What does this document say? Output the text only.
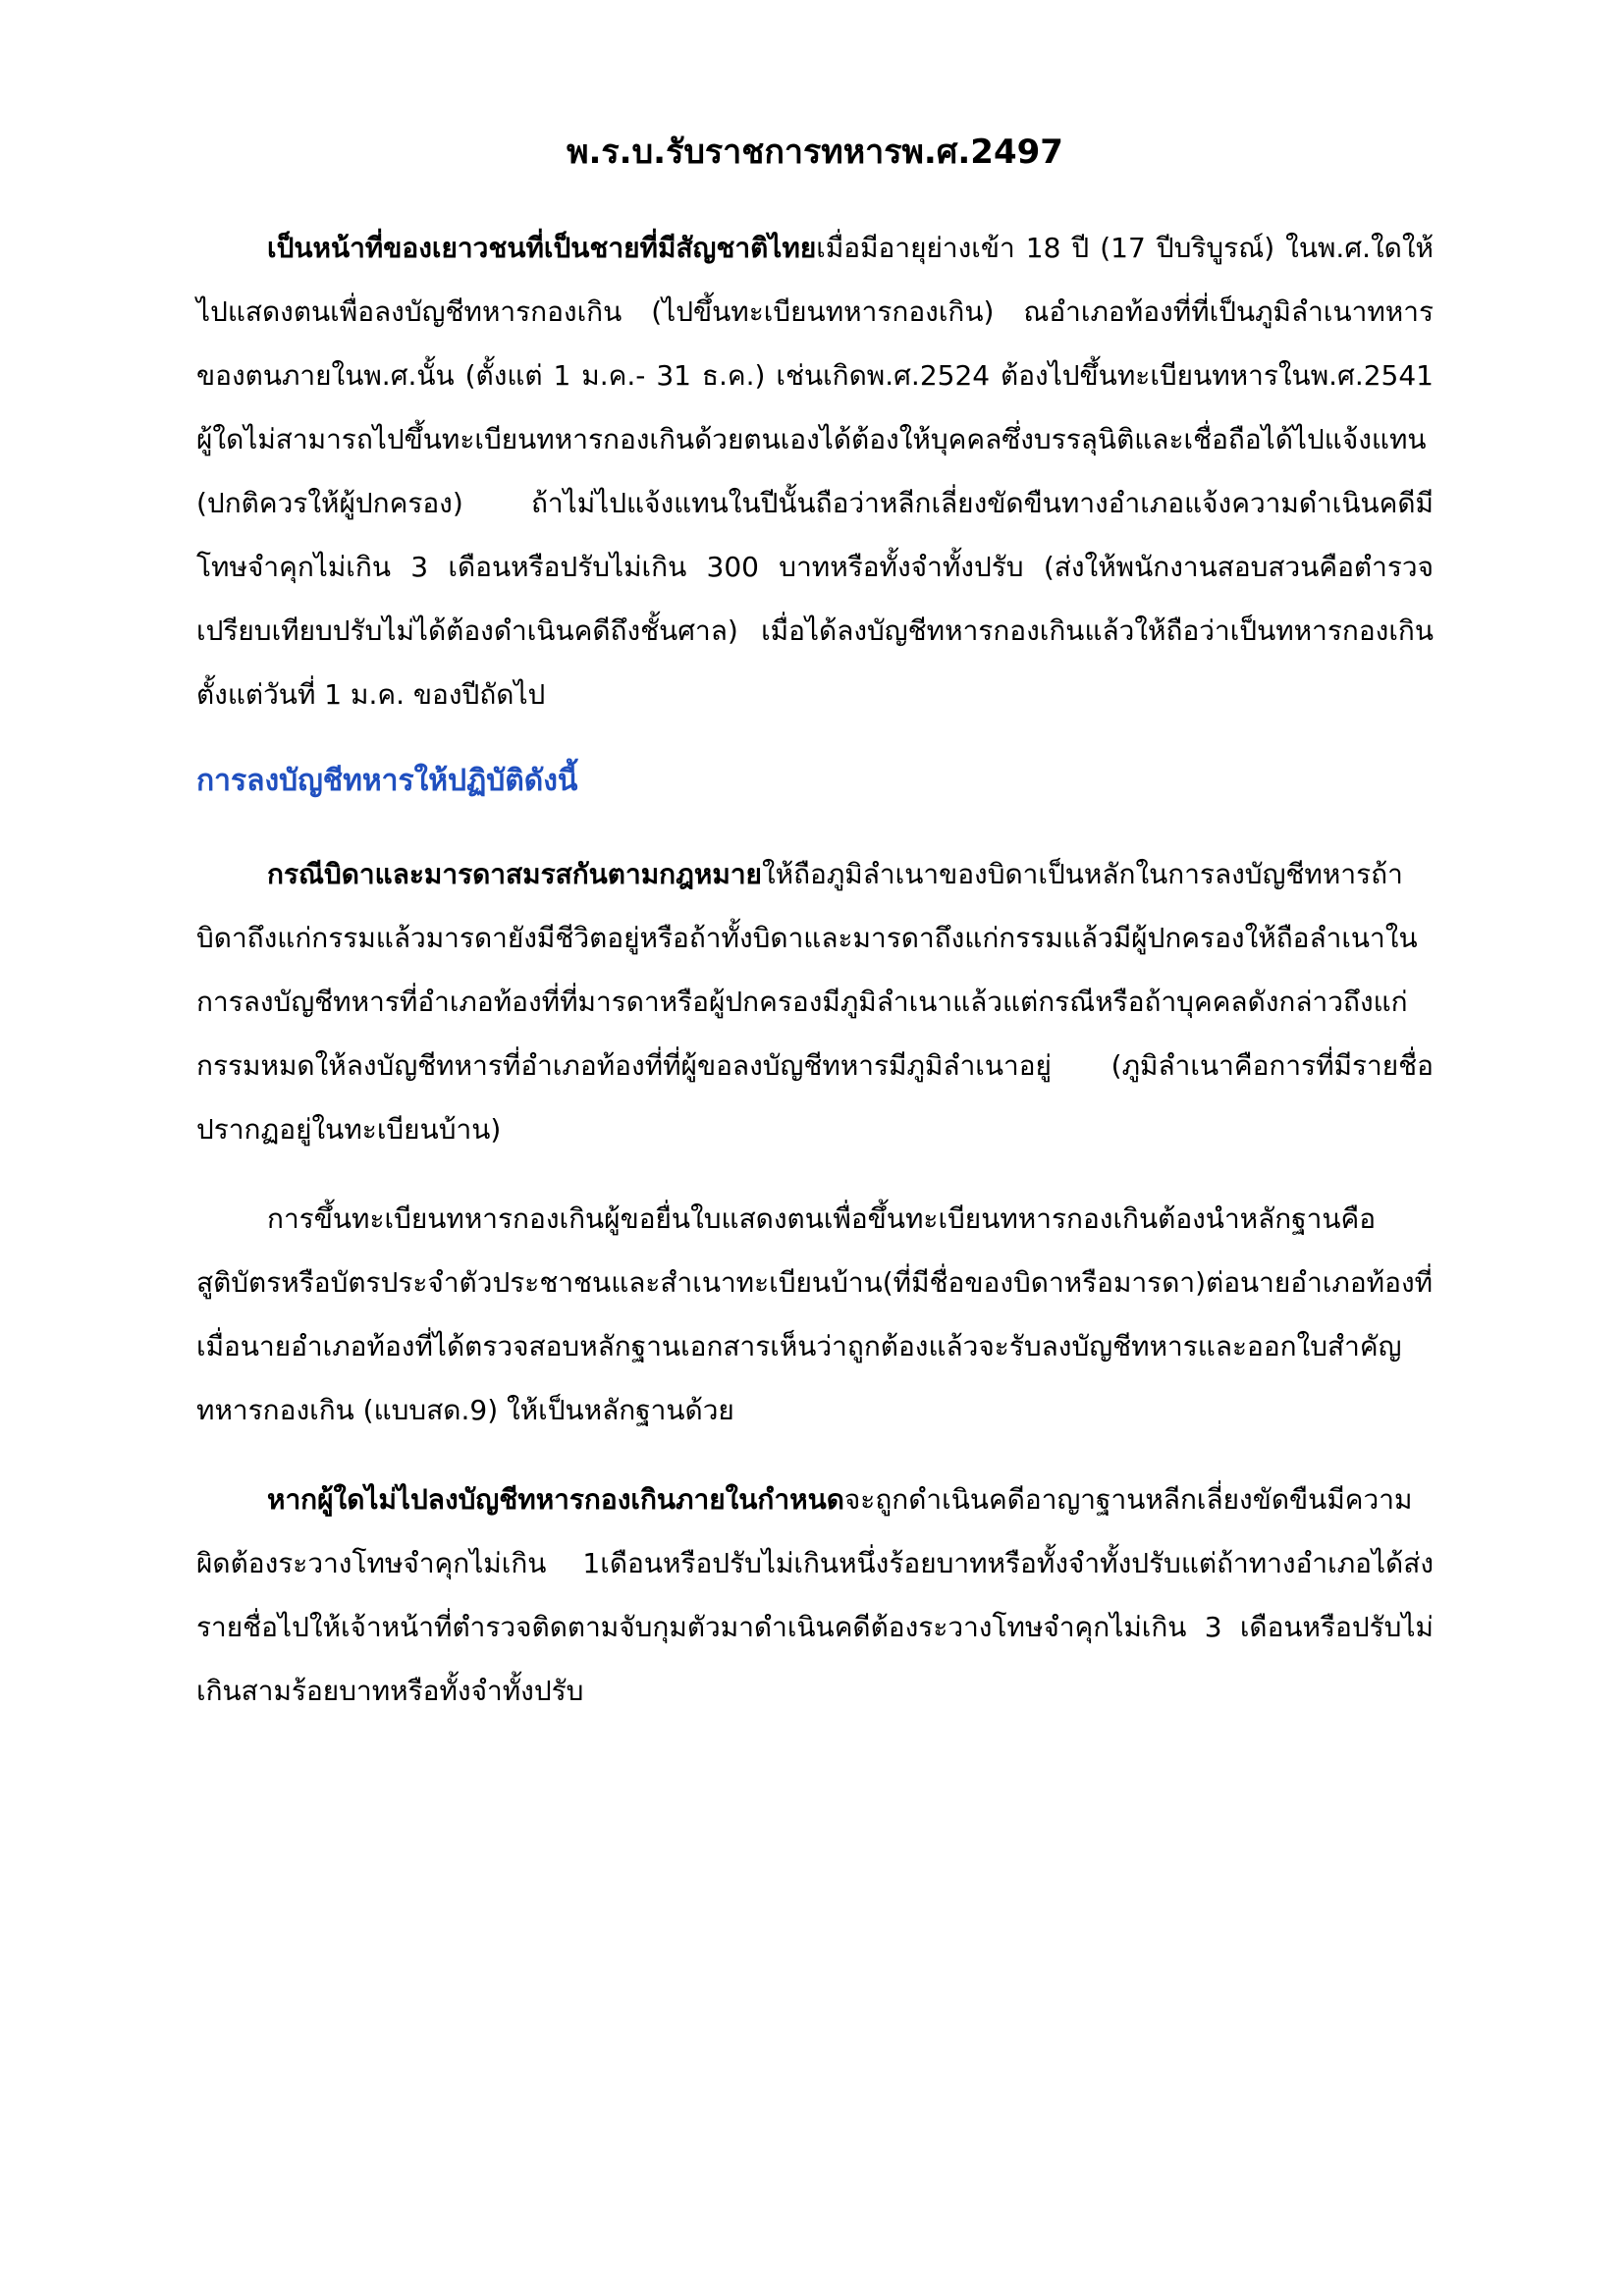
พ.ร.บ.รับราชการทหารพ.ศ.2497

เป็นหน้าที่ของเยาวชนที่เป็นชายที่มีสัญชาติไทยเมื่อมีอายุย่างเข้า 18 ปี (17 ปีบริบูรณ์) ในพ.ศ.ใดให้ไปแสดงตนเพื่อลงบัญชีทหารกองเกิน (ไปขึ้นทะเบียนทหารกองเกิน) ณอำเภอท้องที่ที่เป็นภูมิลำเนาทหารของตนภายในพ.ศ.นั้น (ตั้งแต่ 1 ม.ค.- 31 ธ.ค.) เช่นเกิดพ.ศ.2524 ต้องไปขึ้นทะเบียนทหารในพ.ศ.2541 ผู้ใดไม่สามารถไปขึ้นทะเบียนทหารกองเกินด้วยตนเองได้ต้องให้บุคคลซึ่งบรรลุนิติและเชื่อถือได้ไปแจ้งแทน (ปกติควรให้ผู้ปกครอง) ถ้าไม่ไปแจ้งแทนในปีนั้นถือว่าหลีกเลี่ยงขัดขืนทางอำเภอแจ้งความดำเนินคดีมีโทษจำคุกไม่เกิน 3 เดือนหรือปรับไม่เกิน 300 บาทหรือทั้งจำทั้งปรับ (ส่งให้พนักงานสอบสวนคือตำรวจเปรียบเทียบปรับไม่ได้ต้องดำเนินคดีถึงชั้นศาล) เมื่อได้ลงบัญชีทหารกองเกินแล้วให้ถือว่าเป็นทหารกองเกินตั้งแต่วันที่ 1 ม.ค. ของปีถัดไป

การลงบัญชีทหารให้ปฏิบัติดังนี้

กรณีบิดาและมารดาสมรสกันตามกฎหมายให้ถือภูมิลำเนาของบิดาเป็นหลักในการลงบัญชีทหารถ้าบิดาถึงแก่กรรมแล้วมารดายังมีชีวิตอยู่หรือถ้าทั้งบิดาและมารดาถึงแก่กรรมแล้วมีผู้ปกครองให้ถือลำเนาในการลงบัญชีทหารที่อำเภอท้องที่ที่มารดาหรือผู้ปกครองมีภูมิลำเนาแล้วแต่กรณีหรือถ้าบุคคลดังกล่าวถึงแก่กรรมหมดให้ลงบัญชีทหารที่อำเภอท้องที่ที่ผู้ขอลงบัญชีทหารมีภูมิลำเนาอยู่ (ภูมิลำเนาคือการที่มีรายชื่อปรากฏอยู่ในทะเบียนบ้าน)

การขึ้นทะเบียนทหารกองเกินผู้ขอยื่นใบแสดงตนเพื่อขึ้นทะเบียนทหารกองเกินต้องนำหลักฐานคือสูติบัตรหรือบัตรประจำตัวประชาชนและสำเนาทะเบียนบ้าน(ที่มีชื่อของบิดาหรือมารดา)ต่อนายอำเภอท้องที่เมื่อนายอำเภอท้องที่ได้ตรวจสอบหลักฐานเอกสารเห็นว่าถูกต้องแล้วจะรับลงบัญชีทหารและออกใบสำคัญทหารกองเกิน (แบบสด.9) ให้เป็นหลักฐานด้วย

หากผู้ใดไม่ไปลงบัญชีทหารกองเกินภายในกำหนดจะถูกดำเนินคดีอาญาฐานหลีกเลี่ยงขัดขืนมีความผิดต้องระวางโทษจำคุกไม่เกิน 1เดือนหรือปรับไม่เกินหนึ่งร้อยบาทหรือทั้งจำทั้งปรับแต่ถ้าทางอำเภอได้ส่งรายชื่อไปให้เจ้าหน้าที่ตำรวจติดตามจับกุมตัวมาดำเนินคดีต้องระวางโทษจำคุกไม่เกิน 3 เดือนหรือปรับไม่เกินสามร้อยบาทหรือทั้งจำทั้งปรับ
